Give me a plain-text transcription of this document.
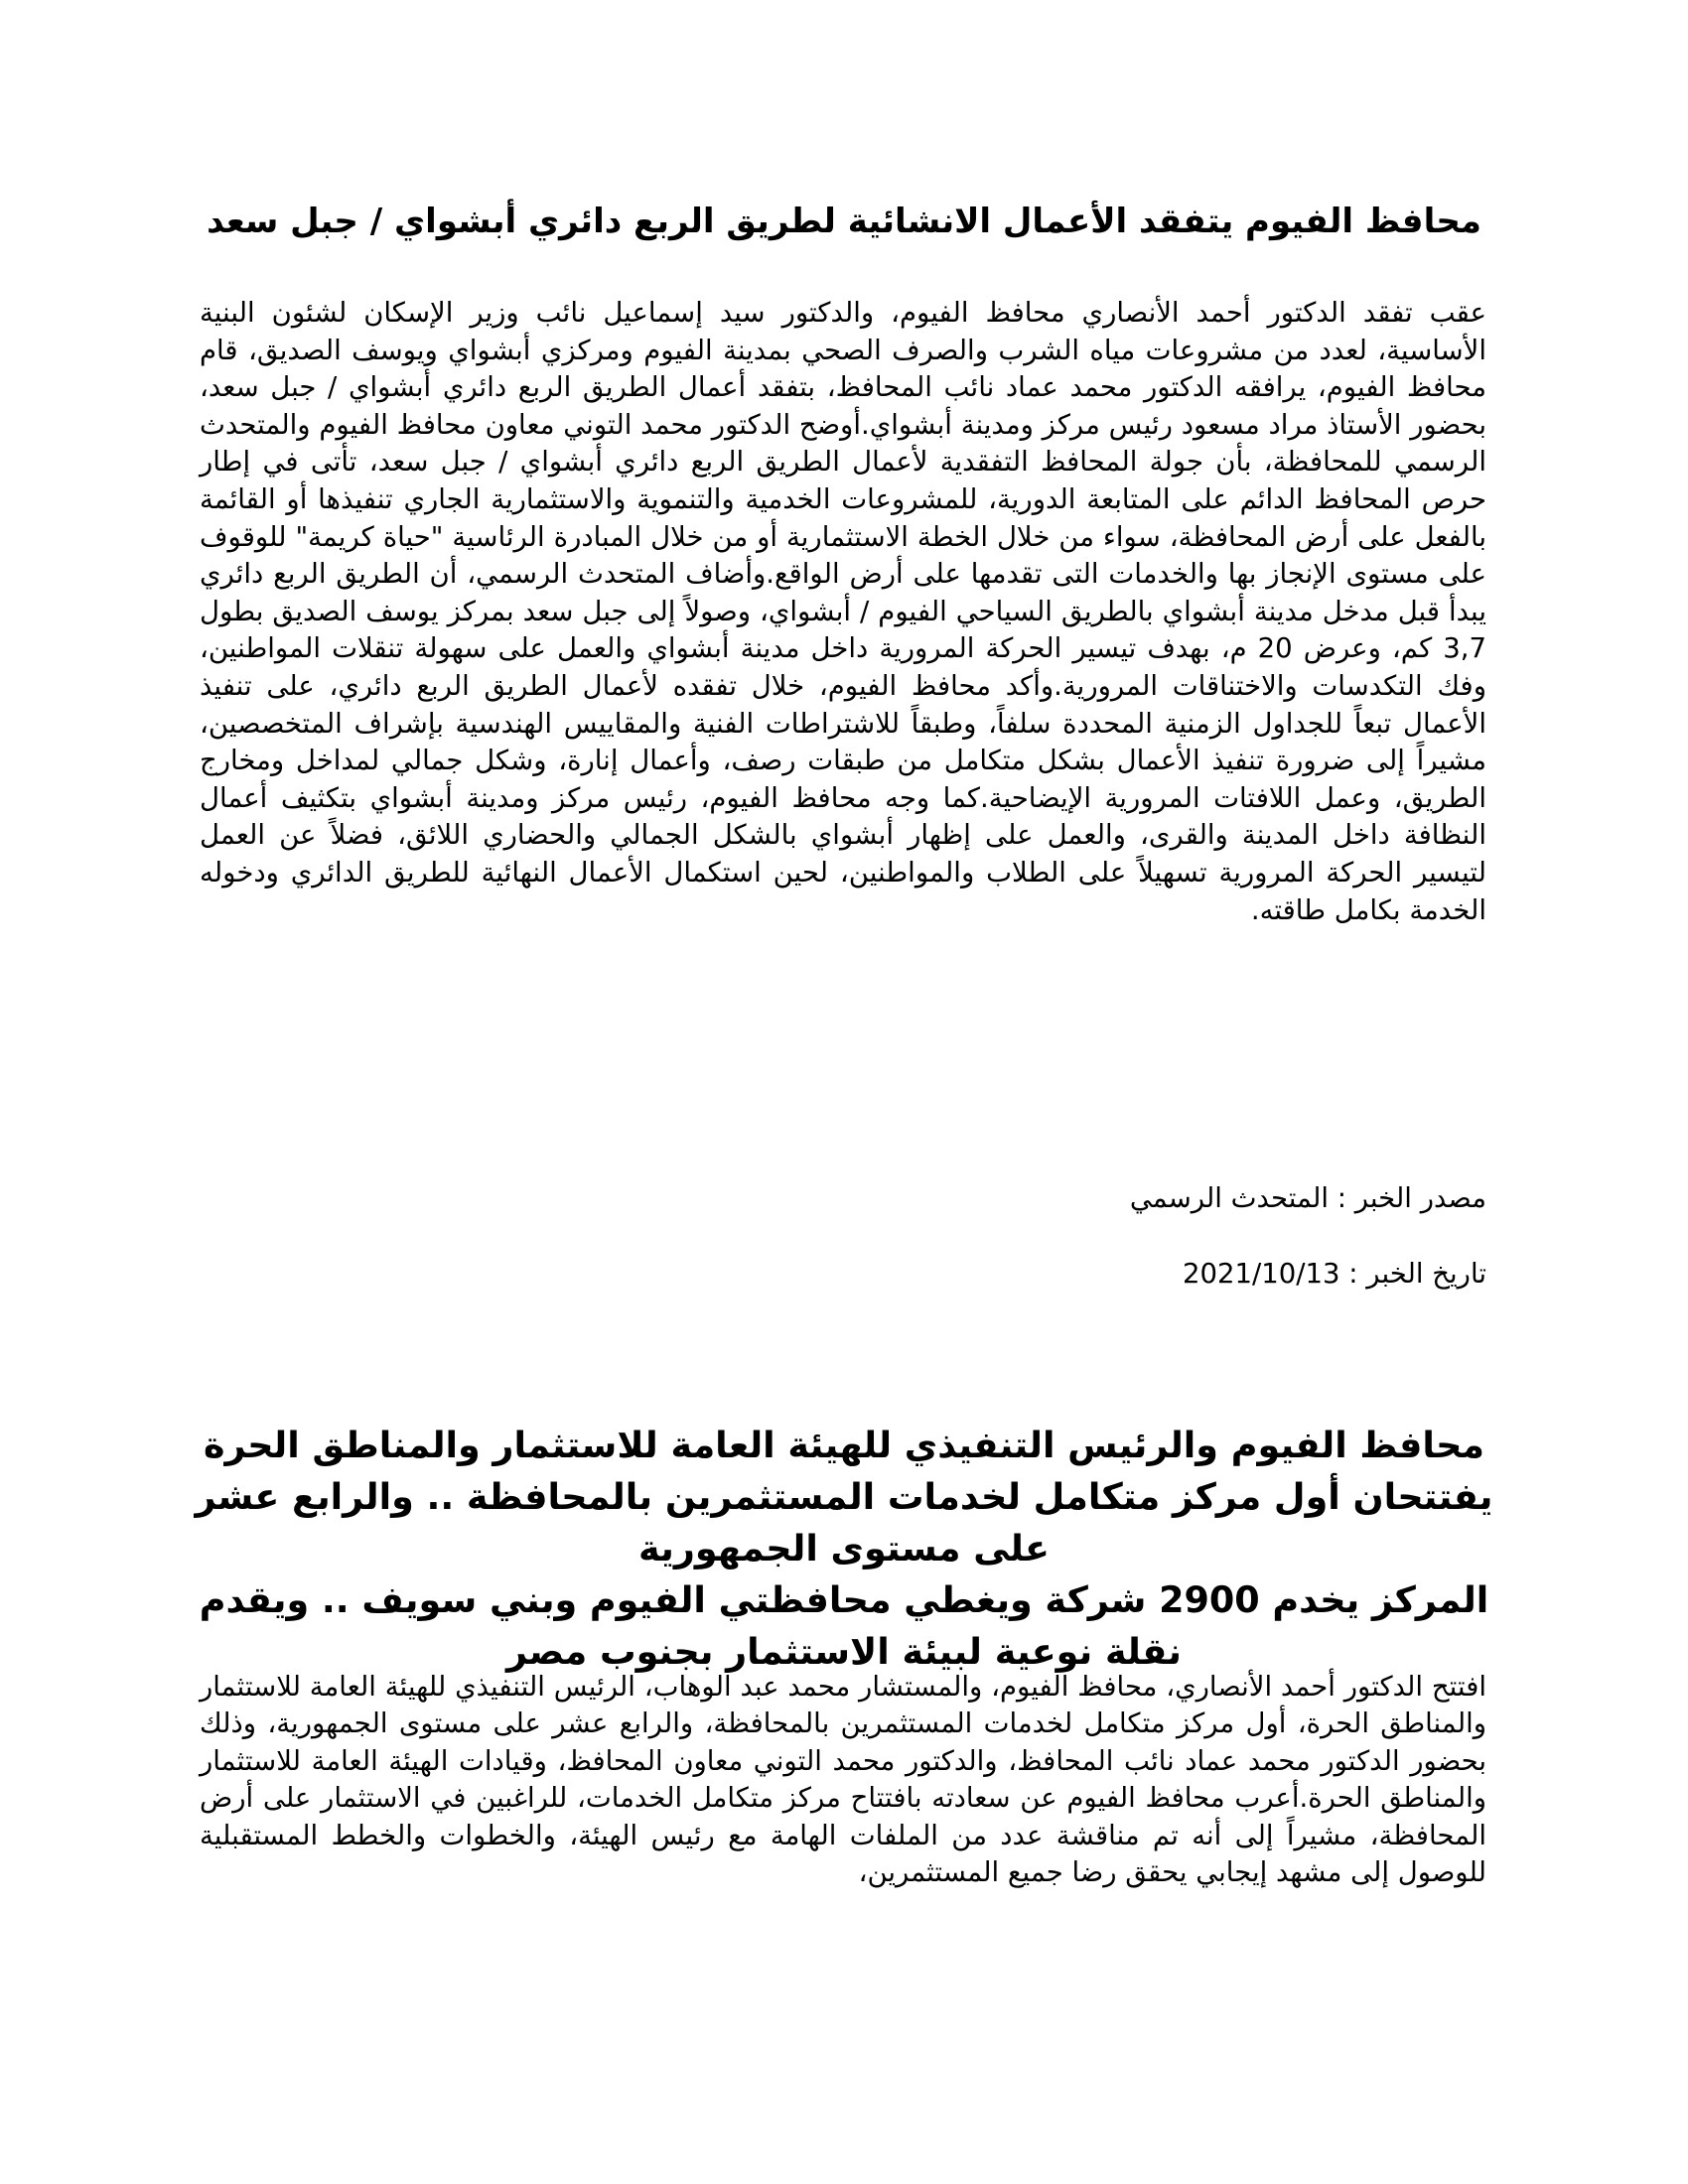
محافظ الفيوم يتفقد الأعمال الانشائية لطريق الربع دائري أبشواي / جبل سعد

عقب تفقد الدكتور أحمد الأنصاري محافظ الفيوم، والدكتور سيد إسماعيل نائب وزير الإسكان لشئون البنية الأساسية، لعدد من مشروعات مياه الشرب والصرف الصحي بمدينة الفيوم ومركزي أبشواي ويوسف الصديق، قام محافظ الفيوم، يرافقه الدكتور محمد عماد نائب المحافظ، بتفقد أعمال الطريق الربع دائري أبشواي / جبل سعد، بحضور الأستاذ مراد مسعود رئيس مركز ومدينة أبشواي.أوضح الدكتور محمد التوني معاون محافظ الفيوم والمتحدث الرسمي للمحافظة، بأن جولة المحافظ التفقدية لأعمال الطريق الربع دائري أبشواي / جبل سعد، تأتى في إطار حرص المحافظ الدائم على المتابعة الدورية، للمشروعات الخدمية والتنموية والاستثمارية الجاري تنفيذها أو القائمة بالفعل على أرض المحافظة، سواء من خلال الخطة الاستثمارية أو من خلال المبادرة الرئاسية "حياة كريمة" للوقوف على مستوى الإنجاز بها والخدمات التى تقدمها على أرض الواقع.وأضاف المتحدث الرسمي، أن الطريق الربع دائري يبدأ قبل مدخل مدينة أبشواي بالطريق السياحي الفيوم / أبشواي، وصولاً إلى جبل سعد بمركز يوسف الصديق بطول 3,7 كم، وعرض 20 م، بهدف تيسير الحركة المرورية داخل مدينة أبشواي والعمل على سهولة تنقلات المواطنين، وفك التكدسات والاختناقات المرورية.وأكد محافظ الفيوم، خلال تفقده لأعمال الطريق الربع دائري، على تنفيذ الأعمال تبعاً للجداول الزمنية المحددة سلفاً، وطبقاً للاشتراطات الفنية والمقاييس الهندسية بإشراف المتخصصين، مشيراً إلى ضرورة تنفيذ الأعمال بشكل متكامل من طبقات رصف، وأعمال إنارة، وشكل جمالي لمداخل ومخارج الطريق، وعمل اللافتات المرورية الإيضاحية.كما وجه محافظ الفيوم، رئيس مركز ومدينة أبشواي بتكثيف أعمال النظافة داخل المدينة والقرى، والعمل على إظهار أبشواي بالشكل الجمالي والحضاري اللائق، فضلاً عن العمل لتيسير الحركة المرورية تسهيلاً على الطلاب والمواطنين، لحين استكمال الأعمال النهائية للطريق الدائري ودخوله الخدمة بكامل طاقته.

مصدر الخبر : المتحدث الرسمي

تاريخ الخبر : 2021/10/13

محافظ الفيوم والرئيس التنفيذي للهيئة العامة للاستثمار والمناطق الحرة يفتتحان أول مركز متكامل لخدمات المستثمرين بالمحافظة .. والرابع عشر على مستوى الجمهورية
المركز يخدم 2900 شركة ويغطي محافظتي الفيوم وبني سويف .. ويقدم نقلة نوعية لبيئة الاستثمار بجنوب مصر

افتتح الدكتور أحمد الأنصاري، محافظ الفيوم، والمستشار محمد عبد الوهاب، الرئيس التنفيذي للهيئة العامة للاستثمار والمناطق الحرة، أول مركز متكامل لخدمات المستثمرين بالمحافظة، والرابع عشر على مستوى الجمهورية، وذلك بحضور الدكتور محمد عماد نائب المحافظ، والدكتور محمد التوني معاون المحافظ، وقيادات الهيئة العامة للاستثمار والمناطق الحرة.أعرب محافظ الفيوم عن سعادته بافتتاح مركز متكامل الخدمات، للراغبين في الاستثمار على أرض المحافظة، مشيراً إلى أنه تم مناقشة عدد من الملفات الهامة مع رئيس الهيئة، والخطوات والخطط المستقبلية للوصول إلى مشهد إيجابي يحقق رضا جميع المستثمرين،
